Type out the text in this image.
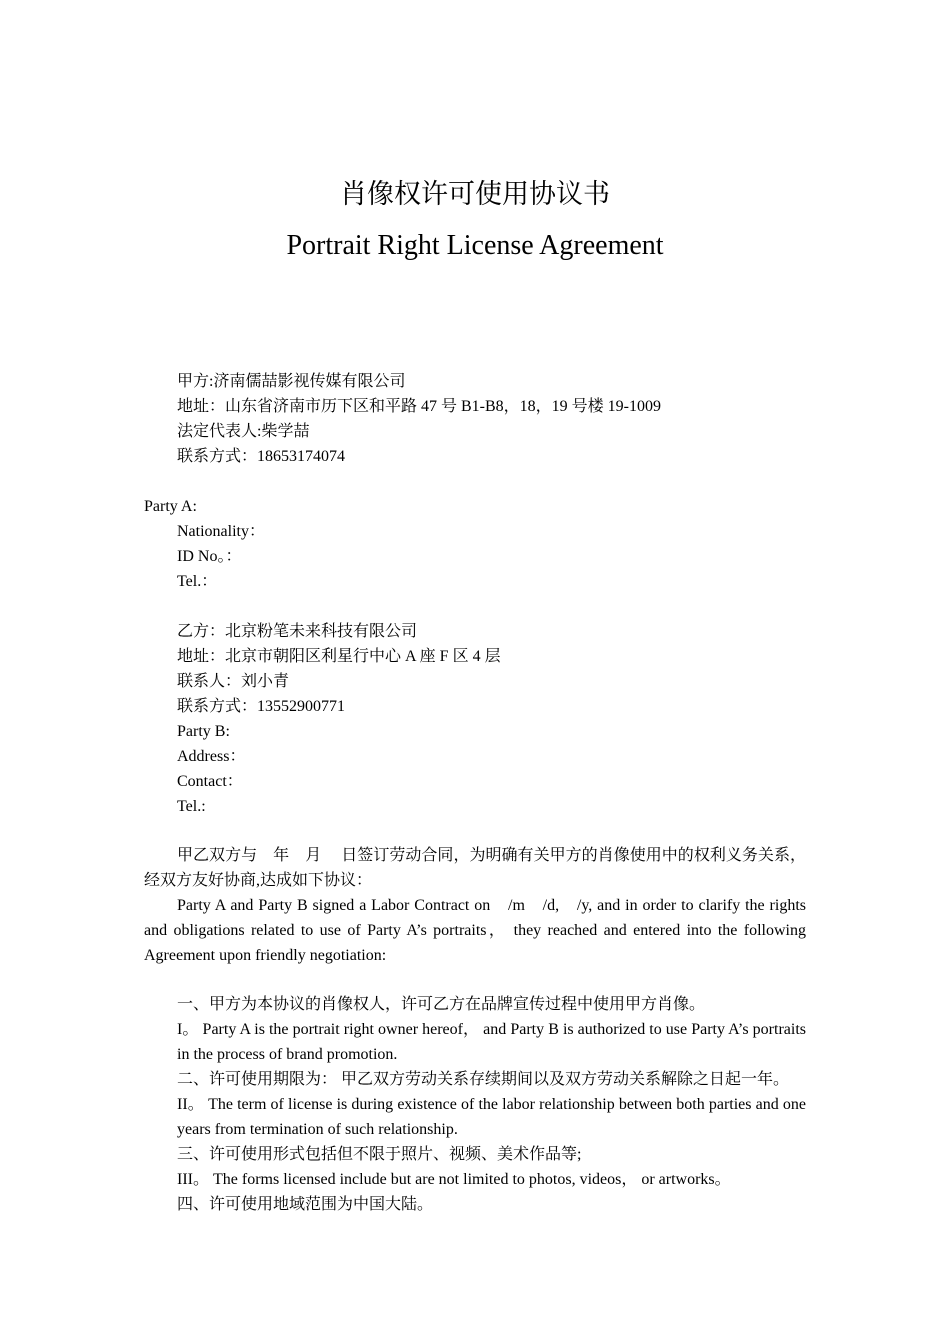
肖像权许可使用协议书
Portrait Right License Agreement
甲方:济南儒喆影视传媒有限公司
地址：山东省济南市历下区和平路 47 号 B1-B8，18，19 号楼 19-1009
法定代表人:柴学喆
联系方式：18653174074
Party A:
Nationality：
ID No。：
Tel.：
乙方：北京粉笔未来科技有限公司
地址：北京市朝阳区利星行中心 A 座 F 区 4 层
联系人：刘小青
联系方式：13552900771
Party B:
Address：
Contact：
Tel.:
甲乙双方与　年　月　 日签订劳动合同，为明确有关甲方的肖像使用中的权利义务关系，经双方友好协商,达成如下协议：
Party A and Party B signed a Labor Contract on　/m　/d,　/y, and in order to clarify the rights and obligations related to use of Party A’s portraits， they reached and entered into the following Agreement upon friendly negotiation:
一、甲方为本协议的肖像权人，许可乙方在品牌宣传过程中使用甲方肖像。
I。 Party A is the portrait right owner hereof， and Party B is authorized to use Party A’s portraits in the process of brand promotion.
二、许可使用期限为： 甲乙双方劳动关系存续期间以及双方劳动关系解除之日起一年。
II。 The term of license is during existence of the labor relationship between both parties and one years from termination of such relationship.
三、许可使用形式包括但不限于照片、视频、美术作品等;
III。 The forms licensed include but are not limited to photos, videos， or artworks。
四、许可使用地域范围为中国大陆。
